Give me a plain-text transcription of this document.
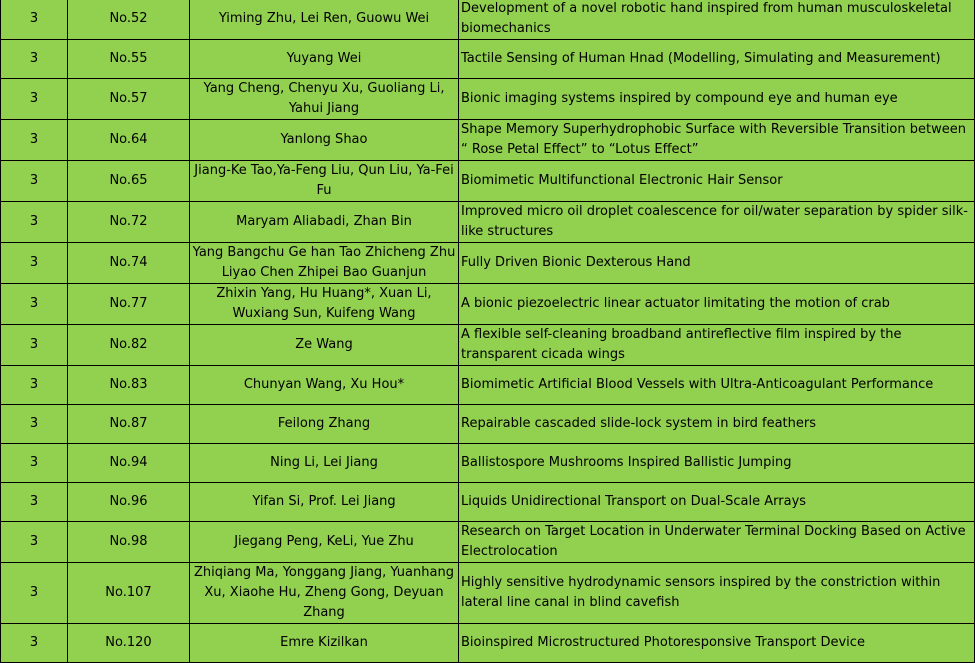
3	No.52	Yiming Zhu, Lei Ren, Guowu Wei	Development of a novel robotic hand inspired from human musculoskeletal biomechanics
3	No.55	Yuyang Wei	Tactile Sensing of Human Hnad (Modelling, Simulating and Measurement)
3	No.57	Yang Cheng, Chenyu Xu, Guoliang Li, Yahui Jiang	Bionic imaging systems inspired by compound eye and human eye
3	No.64	Yanlong Shao	Shape Memory Superhydrophobic Surface with Reversible Transition between “ Rose Petal Effect” to “Lotus Effect”
3	No.65	Jiang-Ke Tao,Ya-Feng Liu, Qun Liu, Ya-Fei Fu	Biomimetic Multifunctional Electronic Hair Sensor
3	No.72	Maryam Aliabadi, Zhan Bin	Improved micro oil droplet coalescence for oil/water separation by spider silk-like structures
3	No.74	Yang Bangchu Ge han Tao Zhicheng Zhu Liyao Chen Zhipei Bao Guanjun	Fully Driven Bionic Dexterous Hand
3	No.77	Zhixin Yang, Hu Huang*, Xuan Li, Wuxiang Sun, Kuifeng Wang	A bionic piezoelectric linear actuator limitating the motion of crab
3	No.82	Ze Wang	A flexible self-cleaning broadband antireflective film inspired by the transparent cicada wings
3	No.83	Chunyan Wang, Xu Hou*	Biomimetic Artificial Blood Vessels with Ultra-Anticoagulant Performance
3	No.87	Feilong Zhang	Repairable cascaded slide-lock system in bird feathers
3	No.94	Ning Li, Lei Jiang	Ballistospore Mushrooms Inspired Ballistic Jumping
3	No.96	Yifan Si, Prof. Lei Jiang	Liquids Unidirectional Transport on Dual-Scale Arrays
3	No.98	Jiegang Peng, KeLi, Yue Zhu	Research on Target Location in Underwater Terminal Docking Based on Active Electrolocation
3	No.107	Zhiqiang Ma, Yonggang Jiang, Yuanhang Xu, Xiaohe Hu, Zheng Gong, Deyuan Zhang	Highly sensitive hydrodynamic sensors inspired by the constriction within lateral line canal in blind cavefish
3	No.120	Emre Kizilkan	Bioinspired Microstructured Photoresponsive Transport Device
